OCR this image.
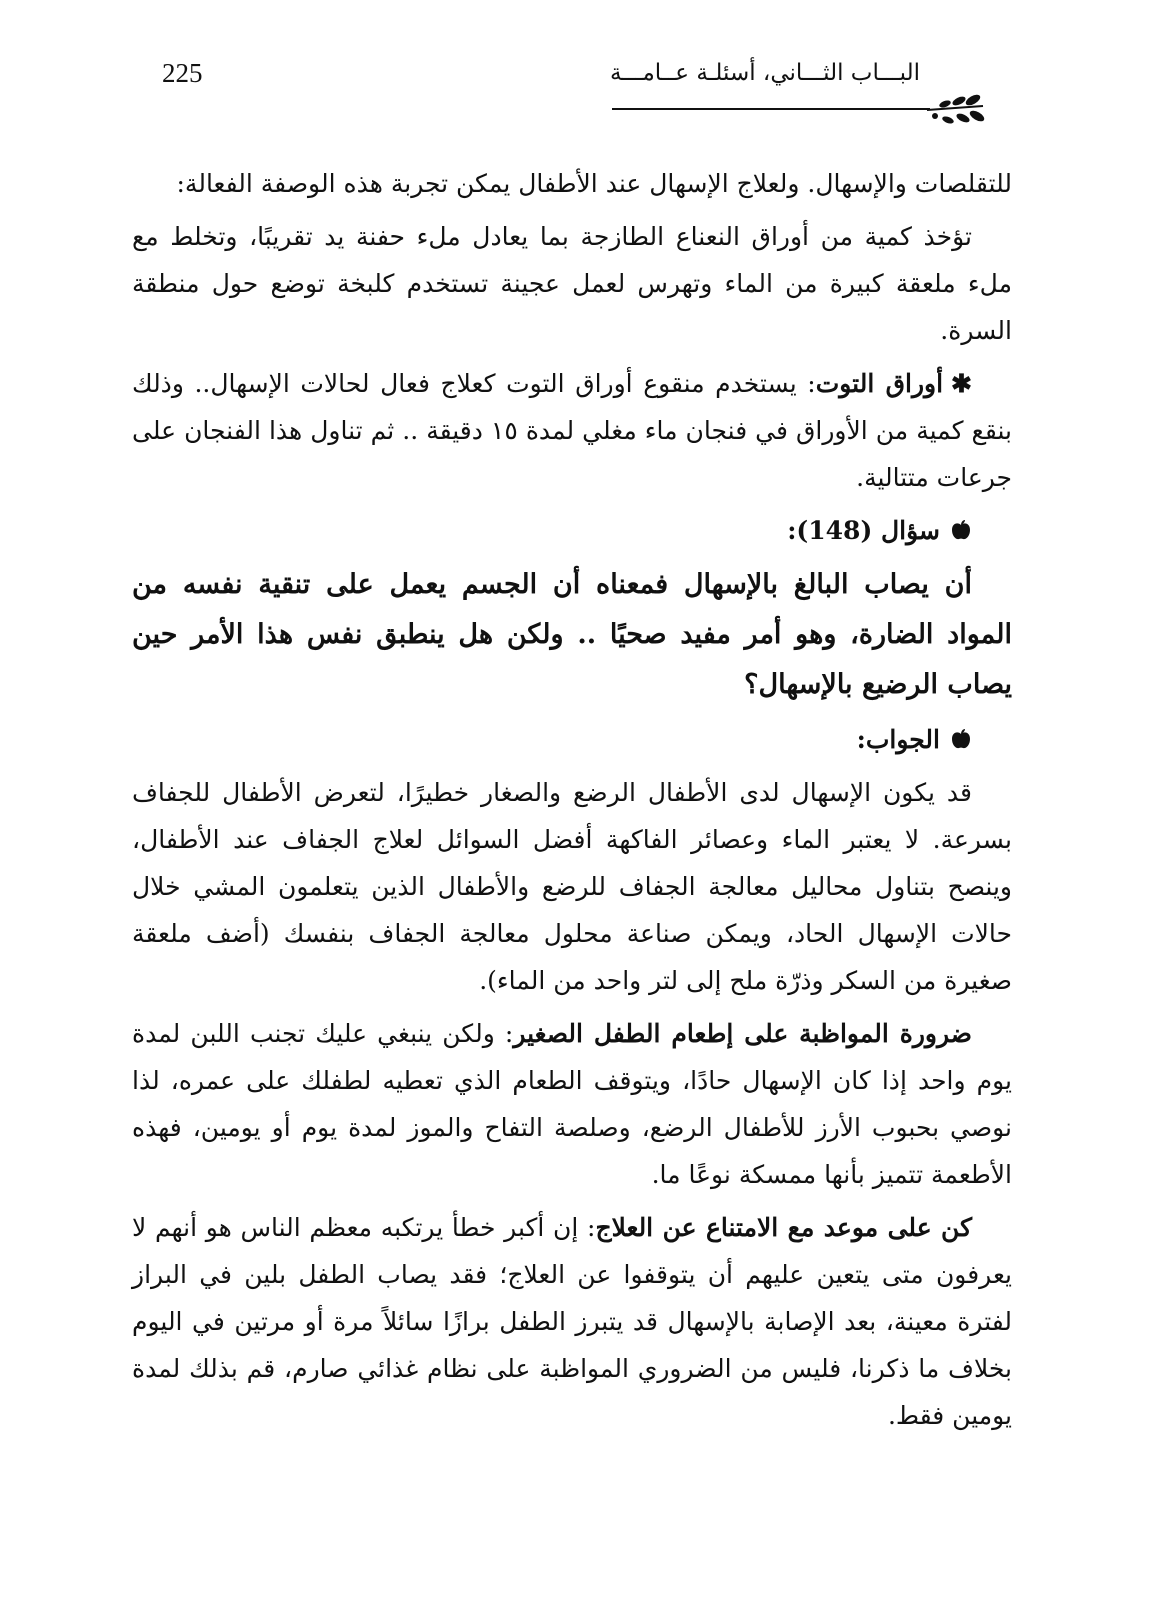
225	البـــاب الثـــاني، أسئلـة عــامـــة

للتقلصات والإسهال. ولعلاج الإسهال عند الأطفال يمكن تجربة هذه الوصفة الفعالة:

تؤخذ كمية من أوراق النعناع الطازجة بما يعادل ملء حفنة يد تقريبًا، وتخلط مع ملء ملعقة كبيرة من الماء وتهرس لعمل عجينة تستخدم كلبخة توضع حول منطقة السرة.

✱أوراق التوت: يستخدم منقوع أوراق التوت كعلاج فعال لحالات الإسهال.. وذلك بنقع كمية من الأوراق في فنجان ماء مغلي لمدة ١٥ دقيقة .. ثم تناول هذا الفنجان على جرعات متتالية.

سؤال (148):

أن يصاب البالغ بالإسهال فمعناه أن الجسم يعمل على تنقية نفسه من المواد الضارة، وهو أمر مفيد صحيًا .. ولكن هل ينطبق نفس هذا الأمر حين يصاب الرضيع بالإسهال؟

الجواب:

قد يكون الإسهال لدى الأطفال الرضع والصغار خطيرًا، لتعرض الأطفال للجفاف بسرعة. لا يعتبر الماء وعصائر الفاكهة أفضل السوائل لعلاج الجفاف عند الأطفال، وينصح بتناول محاليل معالجة الجفاف للرضع والأطفال الذين يتعلمون المشي خلال حالات الإسهال الحاد، ويمكن صناعة محلول معالجة الجفاف بنفسك (أضف ملعقة صغيرة من السكر وذرّة ملح إلى لتر واحد من الماء).

ضرورة المواظبة على إطعام الطفل الصغير: ولكن ينبغي عليك تجنب اللبن لمدة يوم واحد إذا كان الإسهال حادًا، ويتوقف الطعام الذي تعطيه لطفلك على عمره، لذا نوصي بحبوب الأرز للأطفال الرضع، وصلصة التفاح والموز لمدة يوم أو يومين، فهذه الأطعمة تتميز بأنها ممسكة نوعًا ما.

كن على موعد مع الامتناع عن العلاج: إن أكبر خطأ يرتكبه معظم الناس هو أنهم لا يعرفون متى يتعين عليهم أن يتوقفوا عن العلاج؛ فقد يصاب الطفل بلين في البراز لفترة معينة، بعد الإصابة بالإسهال قد يتبرز الطفل برازًا سائلاً مرة أو مرتين في اليوم بخلاف ما ذكرنا، فليس من الضروري المواظبة على نظام غذائي صارم، قم بذلك لمدة يومين فقط.
